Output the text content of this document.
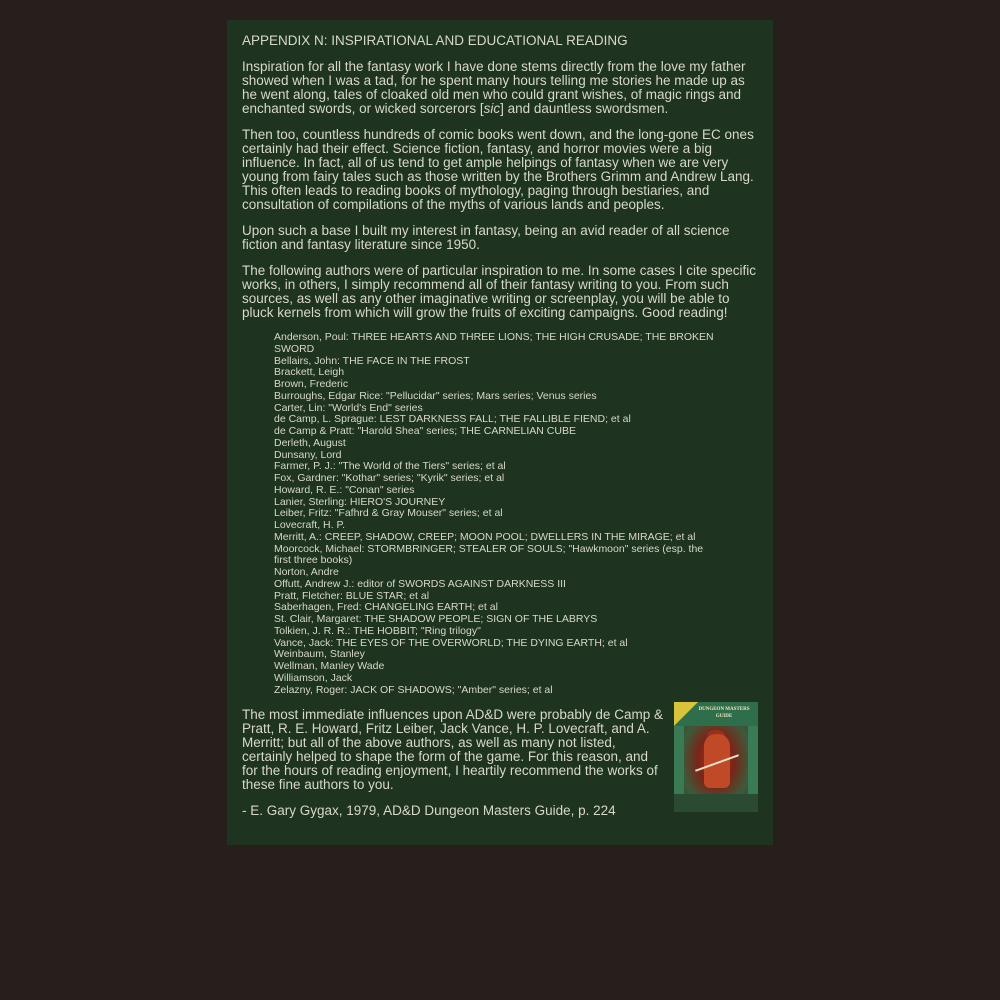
APPENDIX N: INSPIRATIONAL AND EDUCATIONAL READING

Inspiration for all the fantasy work I have done stems directly from the love my father showed when I was a tad, for he spent many hours telling me stories he made up as he went along, tales of cloaked old men who could grant wishes, of magic rings and enchanted swords, or wicked sorcerors [sic] and dauntless swordsmen.

Then too, countless hundreds of comic books went down, and the long-gone EC ones certainly had their effect. Science fiction, fantasy, and horror movies were a big influence. In fact, all of us tend to get ample helpings of fantasy when we are very young from fairy tales such as those written by the Brothers Grimm and Andrew Lang. This often leads to reading books of mythology, paging through bestiaries, and consultation of compilations of the myths of various lands and peoples.

Upon such a base I built my interest in fantasy, being an avid reader of all science fiction and fantasy literature since 1950.

The following authors were of particular inspiration to me. In some cases I cite specific works, in others, I simply recommend all of their fantasy writing to you. From such sources, as well as any other imaginative writing or screenplay, you will be able to pluck kernels from which will grow the fruits of exciting campaigns. Good reading!

Anderson, Poul: THREE HEARTS AND THREE LIONS; THE HIGH CRUSADE; THE BROKEN SWORD
Bellairs, John: THE FACE IN THE FROST
Brackett, Leigh
Brown, Frederic
Burroughs, Edgar Rice: "Pellucidar" series; Mars series; Venus series
Carter, Lin: "World's End" series
de Camp, L. Sprague: LEST DARKNESS FALL; THE FALLIBLE FIEND; et al
de Camp & Pratt: "Harold Shea" series; THE CARNELIAN CUBE
Derleth, August
Dunsany, Lord
Farmer, P. J.: "The World of the Tiers" series; et al
Fox, Gardner: "Kothar" series; "Kyrik" series; et al
Howard, R. E.: "Conan" series
Lanier, Sterling: HIERO'S JOURNEY
Leiber, Fritz: "Fafhrd & Gray Mouser" series; et al
Lovecraft, H. P.
Merritt, A.: CREEP, SHADOW, CREEP; MOON POOL; DWELLERS IN THE MIRAGE; et al
Moorcock, Michael: STORMBRINGER; STEALER OF SOULS; "Hawkmoon" series (esp. the first three books)
Norton, Andre
Offutt, Andrew J.: editor of SWORDS AGAINST DARKNESS III
Pratt, Fletcher: BLUE STAR; et al
Saberhagen, Fred: CHANGELING EARTH; et al
St. Clair, Margaret: THE SHADOW PEOPLE; SIGN OF THE LABRYS
Tolkien, J. R. R.: THE HOBBIT; "Ring trilogy"
Vance, Jack: THE EYES OF THE OVERWORLD; THE DYING EARTH; et al
Weinbaum, Stanley
Wellman, Manley Wade
Williamson, Jack
Zelazny, Roger: JACK OF SHADOWS; "Amber" series; et al
DUNGEON MASTERS
GUIDE

The most immediate influences upon AD&D were probably de Camp & Pratt, R. E. Howard, Fritz Leiber, Jack Vance, H. P. Lovecraft, and A. Merritt; but all of the above authors, as well as many not listed, certainly helped to shape the form of the game. For this reason, and for the hours of reading enjoyment, I heartily recommend the works of these fine authors to you.

- E. Gary Gygax, 1979, AD&D Dungeon Masters Guide, p. 224
